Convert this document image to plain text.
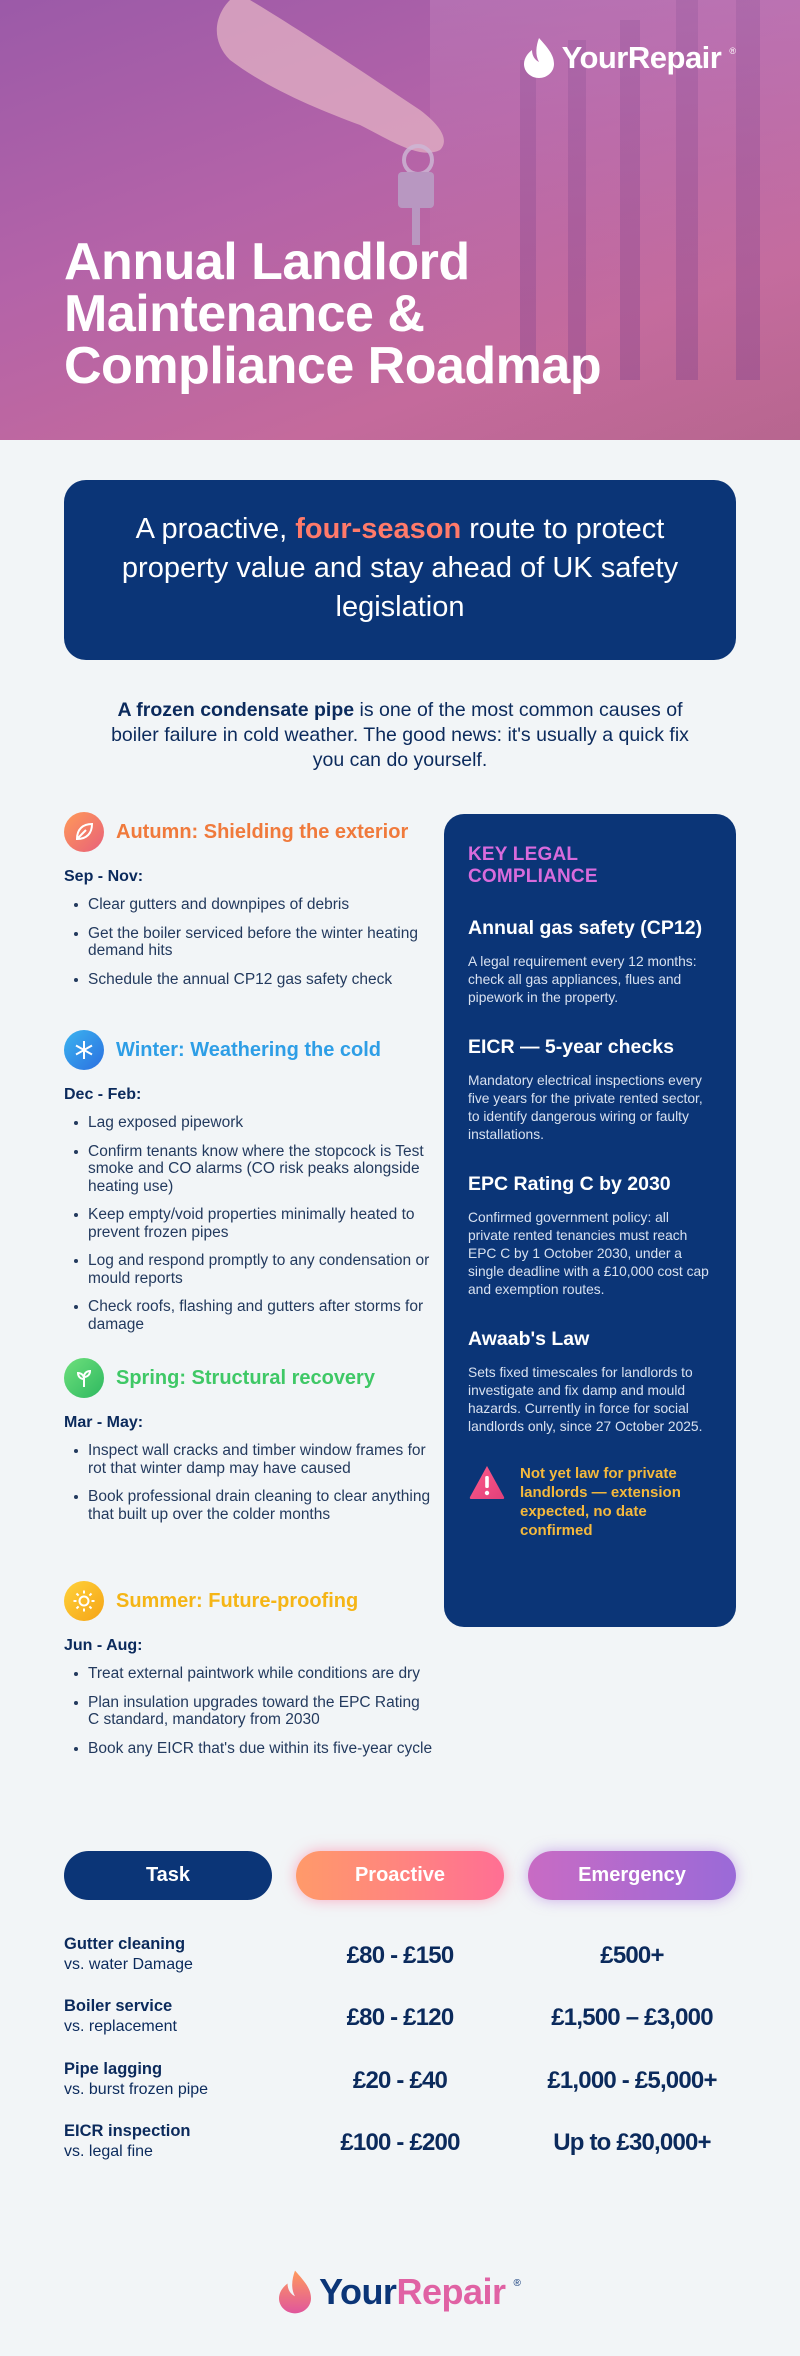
YourRepair ®
Annual Landlord
Maintenance &
Compliance Roadmap
A proactive, four-season route to protect property value and stay ahead of UK safety legislation

A frozen condensate pipe is one of the most common causes of boiler failure in cold weather. The good news: it's usually a quick fix you can do yourself.

Autumn: Shielding the exterior
Sep - Nov:
Clear gutters and downpipes of debris
Get the boiler serviced before the winter heating demand hits
Schedule the annual CP12 gas safety check
Winter: Weathering the cold
Dec - Feb:
Lag exposed pipework
Confirm tenants know where the stopcock is Test smoke and CO alarms (CO risk peaks alongside heating use)
Keep empty/void properties minimally heated to prevent frozen pipes
Log and respond promptly to any condensation or mould reports
Check roofs, flashing and gutters after storms for damage
Spring: Structural recovery
Mar - May:
Inspect wall cracks and timber window frames for rot that winter damp may have caused
Book professional drain cleaning to clear anything that built up over the colder months
Summer: Future-proofing
Jun - Aug:
Treat external paintwork while conditions are dry
Plan insulation upgrades toward the EPC Rating C standard, mandatory from 2030
Book any EICR that's due within its five-year cycle
KEY LEGAL COMPLIANCE
Annual gas safety (CP12)

A legal requirement every 12 months: check all gas appliances, flues and pipework in the property.

EICR — 5-year checks

Mandatory electrical inspections every five years for the private rented sector, to identify dangerous wiring or faulty installations.

EPC Rating C by 2030

Confirmed government policy: all private rented tenancies must reach EPC C by 1 October 2030, under a single deadline with a £10,000 cost cap and exemption routes.

Awaab's Law

Sets fixed timescales for landlords to investigate and fix damp and mould hazards. Currently in force for social landlords only, since 27 October 2025.

Not yet law for private landlords — extension expected, no date confirmed
Task	Proactive	Emergency
Gutter cleaning
vs. water Damage	£80 - £150	£500+
Boiler service
vs. replacement	£80 - £120	£1,500 – £3,000
Pipe lagging
vs. burst frozen pipe	£20 - £40	£1,000 - £5,000+
EICR inspection
vs. legal fine	£100 - £200	Up to £30,000+
YourRepair ®
